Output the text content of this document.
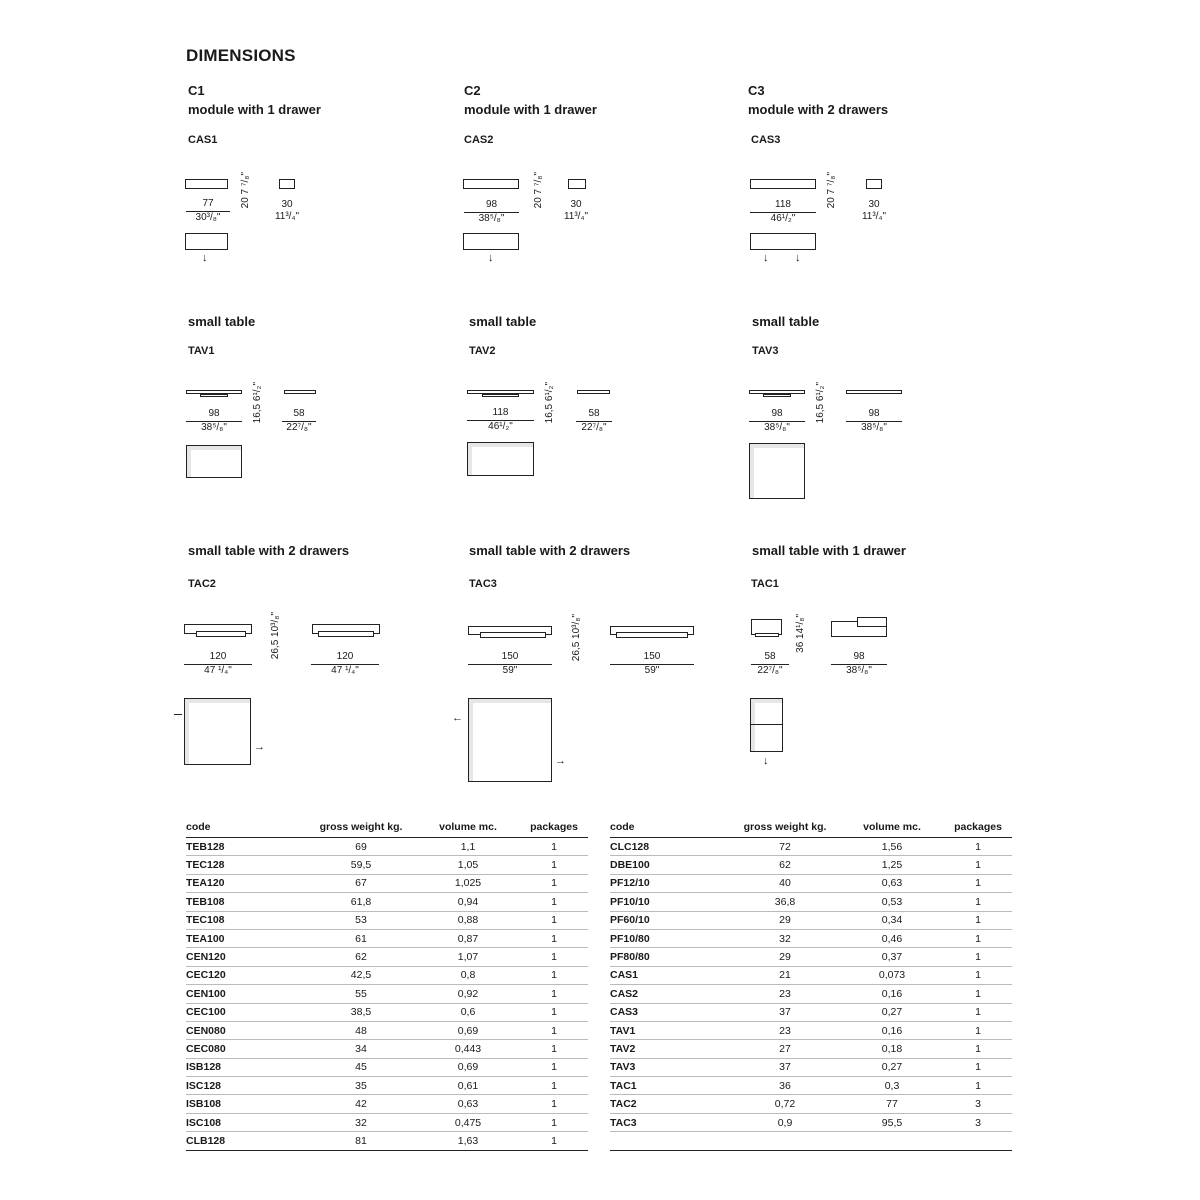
DIMENSIONS
C1
module with 1 drawer
CAS1
20 7 ⁷/₈"
77
30³/₈"
30
11³/₄"
↓
C2
module with 1 drawer
CAS2
20 7 ⁷/₈"
98
38⁵/₈"
30
11³/₄"
↓
C3
module with 2 drawers
CAS3
20 7 ⁷/₈"
118
46¹/₂"
30
11³/₄"
↓ ↓
small table
TAV1
16,5 6¹/₂"
98
38⁵/₈"
58
22⁷/₈"
small table
TAV2
16,5 6¹/₂"
118
46¹/₂"
58
22⁷/₈"
small table
TAV3
16,5 6¹/₂"
98
38⁵/₈"
98
38⁵/₈"
small table with 2 drawers
TAC2
26,5 10³/₈"
120
47 ¹/₄"
120
47 ¹/₄"
→
small table with 2 drawers
TAC3
26,5 10³/₈"
150
59"
150
59"
←
→
small table with 1 drawer
TAC1
36 14¹/₈"
58
22⁷/₈"
98
38⁵/₈"
↓
code	gross weight kg.	volume mc.	packages
TEB128	69	1,1	1
TEC128	59,5	1,05	1
TEA120	67	1,025	1
TEB108	61,8	0,94	1
TEC108	53	0,88	1
TEA100	61	0,87	1
CEN120	62	1,07	1
CEC120	42,5	0,8	1
CEN100	55	0,92	1
CEC100	38,5	0,6	1
CEN080	48	0,69	1
CEC080	34	0,443	1
ISB128	45	0,69	1
ISC128	35	0,61	1
ISB108	42	0,63	1
ISC108	32	0,475	1
CLB128	81	1,63	1
code	gross weight kg.	volume mc.	packages
CLC128	72	1,56	1
DBE100	62	1,25	1
PF12/10	40	0,63	1
PF10/10	36,8	0,53	1
PF60/10	29	0,34	1
PF10/80	32	0,46	1
PF80/80	29	0,37	1
CAS1	21	0,073	1
CAS2	23	0,16	1
CAS3	37	0,27	1
TAV1	23	0,16	1
TAV2	27	0,18	1
TAV3	37	0,27	1
TAC1	36	0,3	1
TAC2	0,72	77	3
TAC3	0,9	95,5	3
